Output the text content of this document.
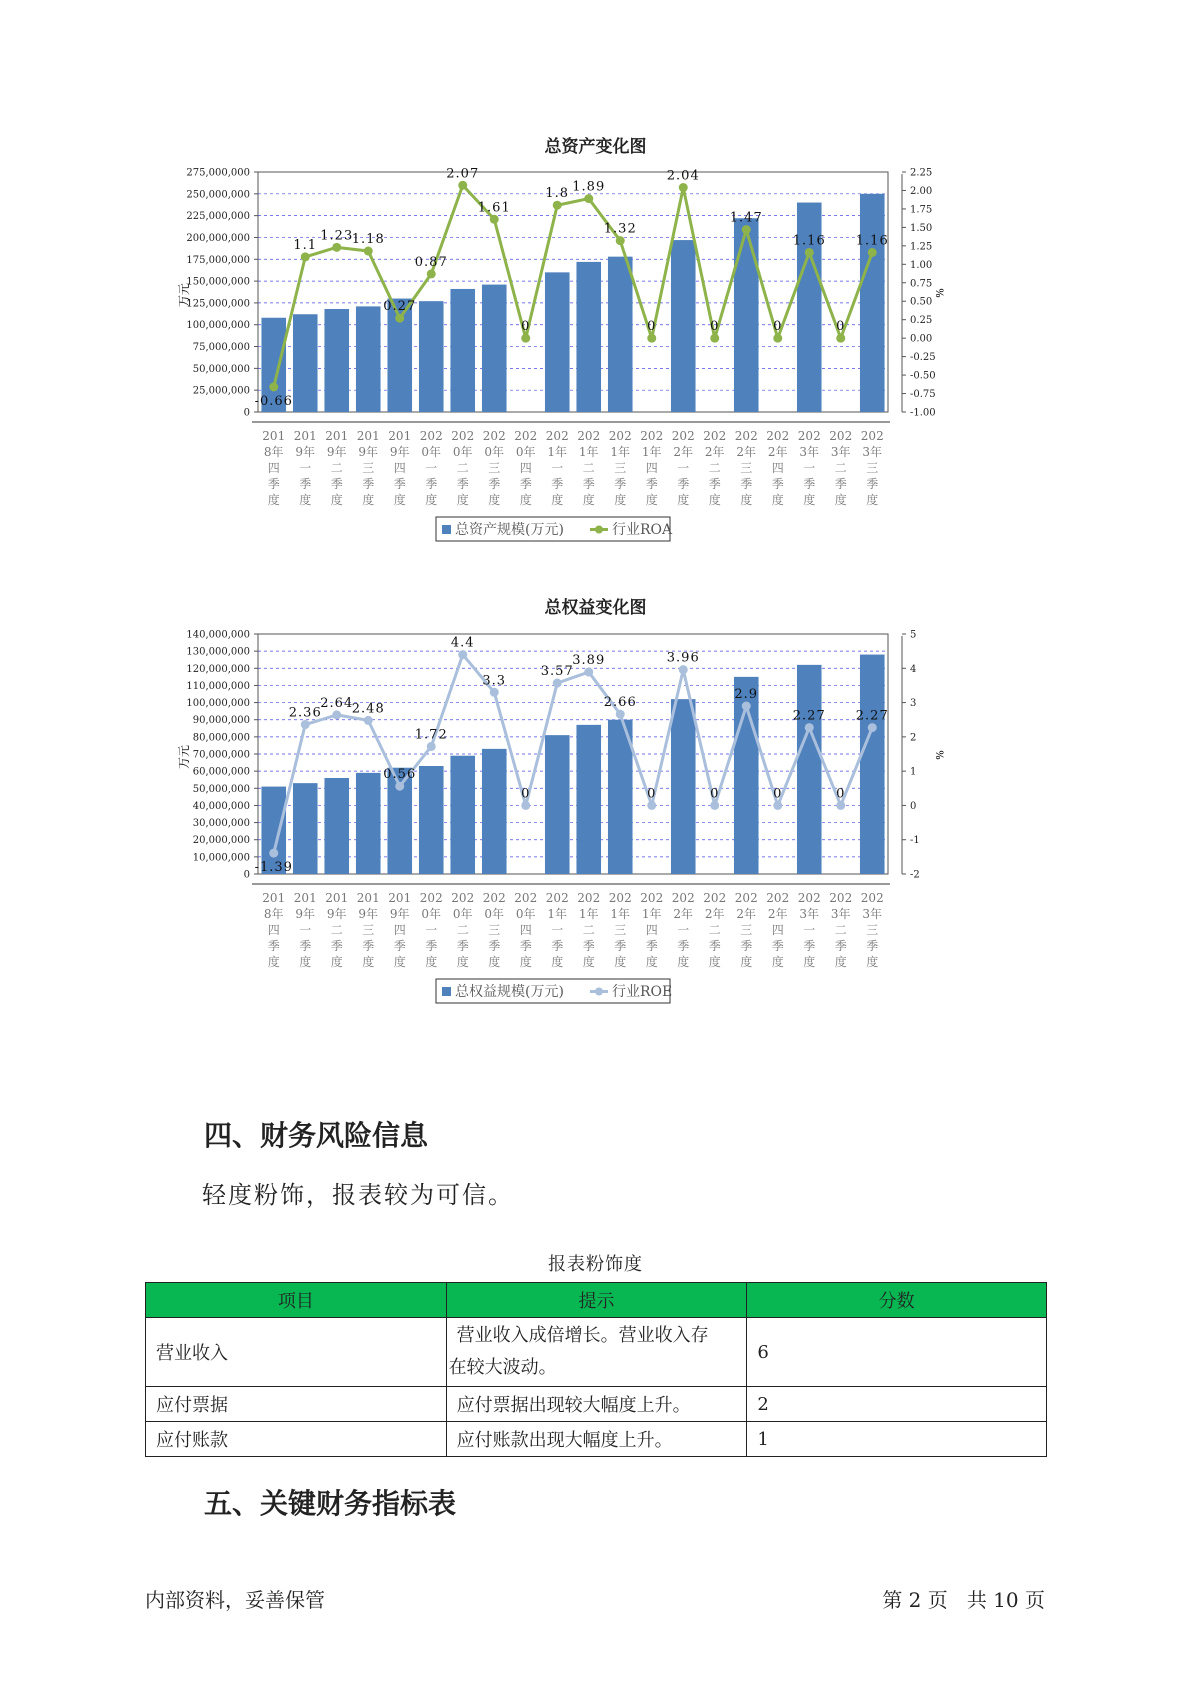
总资产变化图
-0.66
1.1
1.23
1.18
0.27
0.87
2.07
1.61
0
1.8 1.89
1.32
0
2.04
0
1.47
0
1.16
0
1.16
0
25,000,000
50,000,000
75,000,000
100,000,000
125,000,000
150,000,000
175,000,000
200,000,000
225,000,000
250,000,000
275,000,000
-1.00
-0.75
-0.50
-0.25
0.00
0.25
0.50
0.75
1.00
1.25
1.50
1.75
2.00
2.25
201
8年
四
季
度
201
9年
一
季
度
201
9年
二
季
度
201
9年
三
季
度
201
9年
四
季
度
202
0年
一
季
度
202
0年
二
季
度
202
0年
三
季
度
202
0年
四
季
度
202
1年
一
季
度
202
1年
二
季
度
202
1年
三
季
度
202
1年
四
季
度
202
2年
一
季
度
202
2年
二
季
度
202
2年
三
季
度
202
2年
四
季
度
202
3年
一
季
度
202
3年
二
季
度
202
3年
三
季
度
万元	%
总资产规模(万元)	行业ROA
总权益变化图
-1.39
2.36
2.64
2.48
0.56
1.72
4.4
3.3
0
3.57
3.89
2.66
0
3.96
0
2.9
0
2.27
0
2.27
0
10,000,000
20,000,000
30,000,000
40,000,000
50,000,000
60,000,000
70,000,000
80,000,000
90,000,000
100,000,000
110,000,000
120,000,000
130,000,000
140,000,000
-2
-1
0
1
2
3
4
5
201
8年
四
季
度
201
9年
一
季
度
201
9年
二
季
度
201
9年
三
季
度
201
9年
四
季
度
202
0年
一
季
度
202
0年
二
季
度
202
0年
三
季
度
202
0年
四
季
度
202
1年
一
季
度
202
1年
二
季
度
202
1年
三
季
度
202
1年
四
季
度
202
2年
一
季
度
202
2年
二
季
度
202
2年
三
季
度
202
2年
四
季
度
202
3年
一
季
度
202
3年
二
季
度
202
3年
三
季
度
万元	%
总权益规模(万元)	行业ROE
四、财务风险信息
轻度粉饰，报表较为可信。
报表粉饰度
项目	提示	分数
营业收入	营业收入成倍增长。营业收入存
在较大波动。	6
应付票据	应付票据出现较大幅度上升。	2
应付账款	应付账款出现大幅度上升。	1
五、关键财务指标表
内部资料，妥善保管	第 2 页   共 10 页
